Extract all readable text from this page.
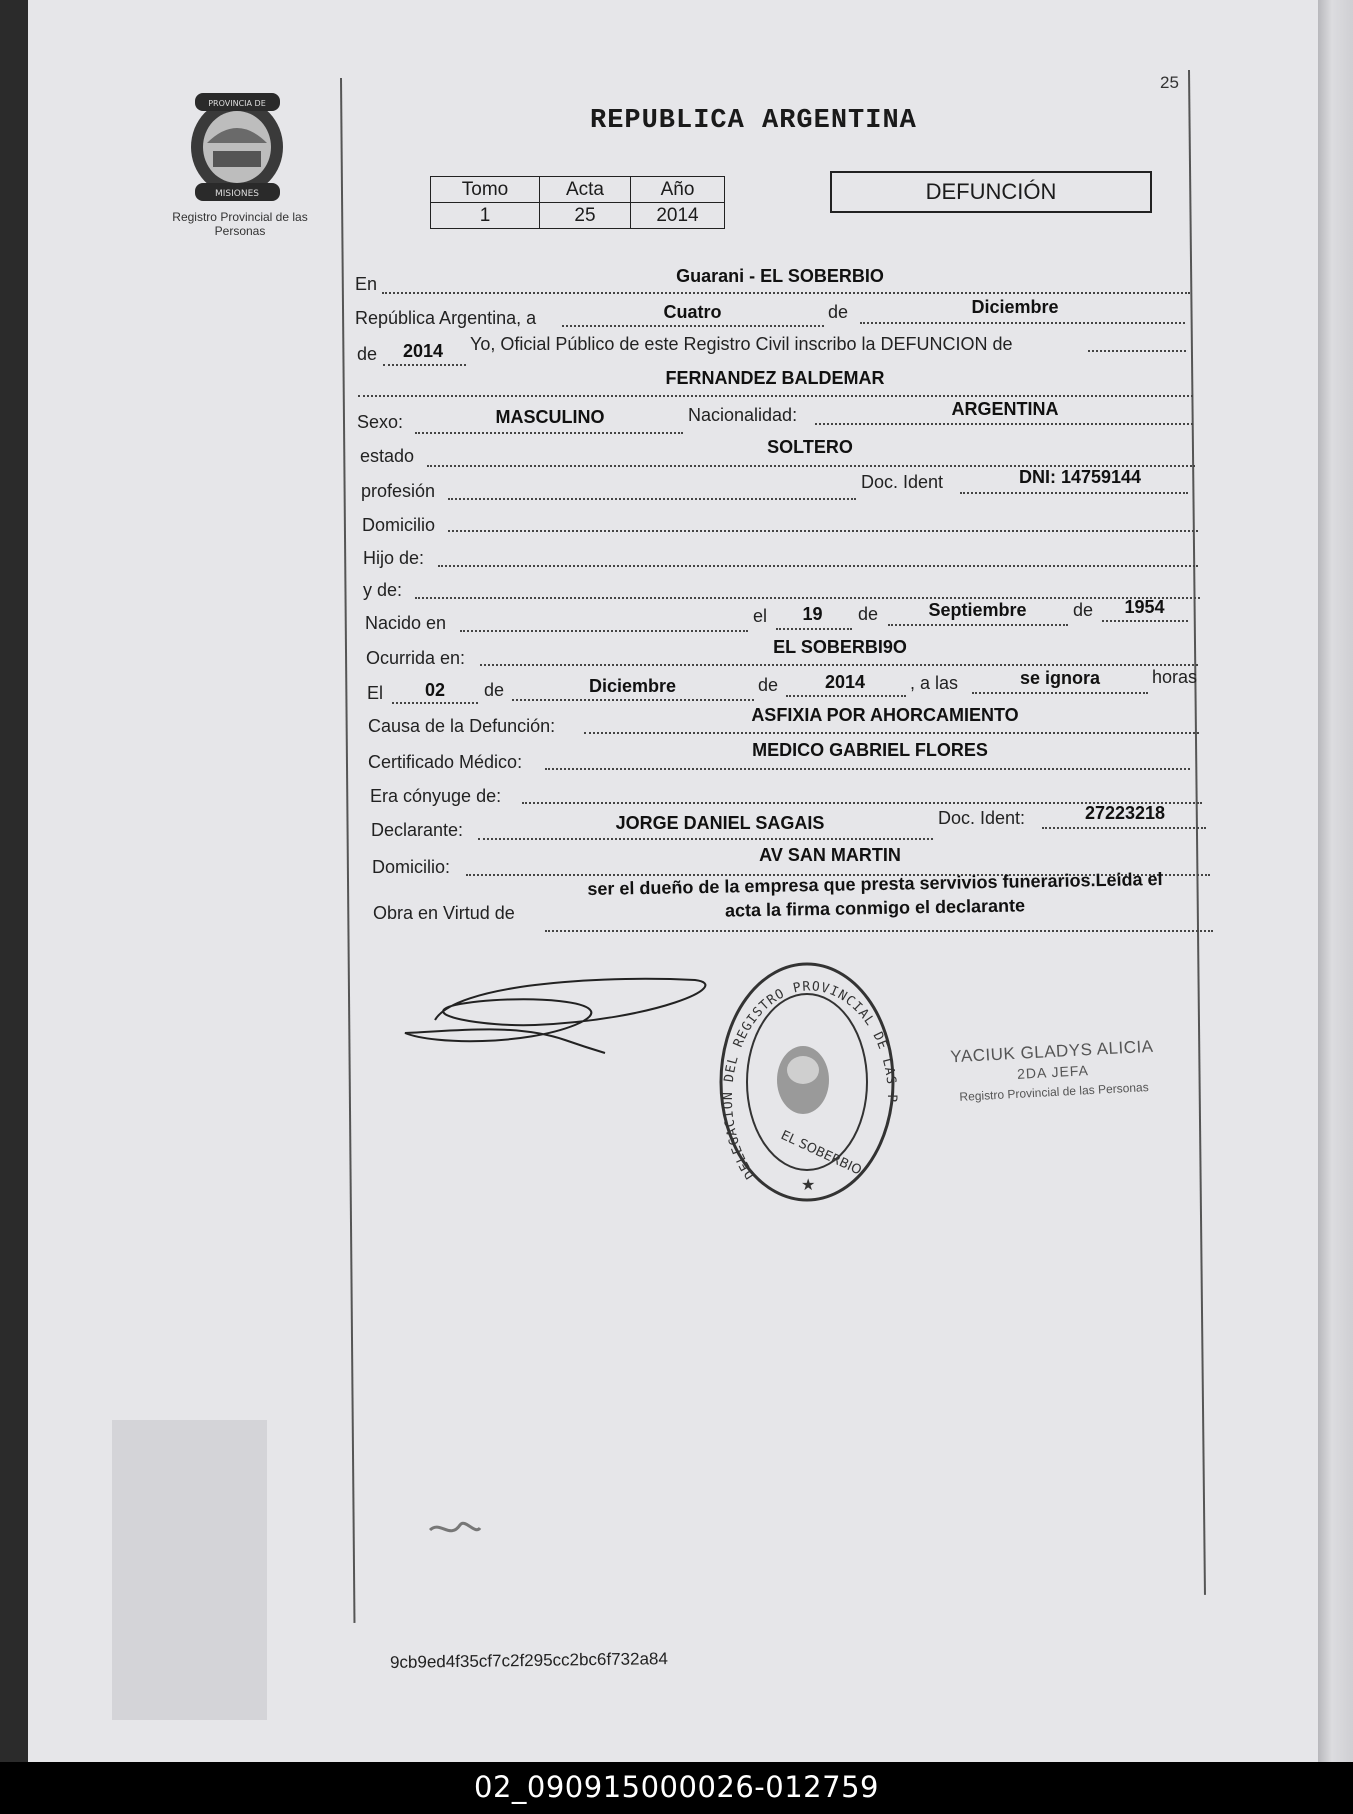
PROVINCIA DE
MISIONES
Registro Provincial de las Personas
25
REPUBLICA ARGENTINA
Tomo	Acta	Año
1	25	2014
DEFUNCIÓN
En	Guarani - EL SOBERBIO
República Argentina, a	Cuatro	de	Diciembre
de	2014	Yo, Oficial Público de este Registro Civil inscribo la DEFUNCION de
FERNANDEZ BALDEMAR
Sexo:	MASCULINO	Nacionalidad:	ARGENTINA
estado	SOLTERO
profesión	Doc. Ident	DNI: 14759144
Domicilio
Hijo de:
y de:
Nacido en	el	19	de	Septiembre	de	1954
Ocurrida en:
EL SOBERBI9O
El	02	de	Diciembre	de	2014	, a las	se ignora	horas
Causa de la Defunción:
ASFIXIA POR AHORCAMIENTO
Certificado Médico:
MEDICO GABRIEL FLORES
Era cónyuge de:
Declarante:	JORGE DANIEL SAGAIS	Doc. Ident:	27223218
Domicilio:
AV SAN MARTIN
Obra en Virtud de
ser el dueño de la empresa que presta servivios funerarios.Leida el
acta la firma conmigo el declarante
DELEGACION DEL REGISTRO PROVINCIAL DE LAS P
EL SOBERBIO
★
YACIUK GLADYS ALICIA
2DA JEFA
Registro Provincial de las Personas
9cb9ed4f35cf7c2f295cc2bc6f732a84
02_090915000026-012759
